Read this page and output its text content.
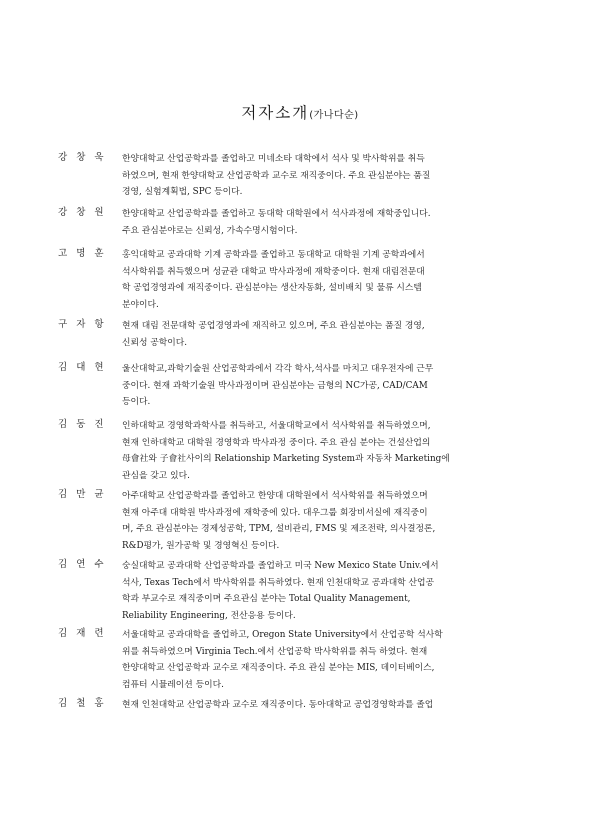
저자소개(가나다순)
강 창 욱	한양대학교 산업공학과를 졸업하고 미네소타 대학에서 석사 및 박사학위를 취득
하였으며, 현재 한양대학교 산업공학과 교수로 재직중이다. 주요 관심분야는 품질
경영, 실험계획법, SPC 등이다.
강 창 원	한양대학교 산업공학과를 졸업하고 동대학 대학원에서 석사과정에 재학중입니다.
주요 관심분야로는 신뢰성, 가속수명시험이다.
고 명 훈	홍익대학교 공과대학 기계 공학과를 졸업하고 동대학교 대학원 기계 공학과에서
석사학위를 취득했으며 성균관 대학교 박사과정에 재학중이다. 현재 대림전문대
학 공업경영과에 재직중이다. 관심분야는 생산자동화, 설비배치 및 물류 시스템
분야이다.
구 자 항	현재 대림 전문대학 공업경영과에 재직하고 있으며, 주요 관심분야는 품질 경영,
신뢰성 공학이다.
김 대 현	울산대학교,과학기술원 산업공학과에서 각각 학사,석사를 마치고 대우전자에 근무
중이다. 현재 과학기술원 박사과정이며 관심분야는 금형의 NC가공, CAD/CAM
등이다.
김 동 진	인하대학교 경영학과학사를 취득하고, 서울대학교에서 석사학위를 취득하였으며,
현재 인하대학교 대학원 경영학과 박사과정 중이다. 주요 관심 분야는 건설산업의
母會社와 子會社사이의 Relationship Marketing System과 자동차 Marketing에
관심을 갖고 있다.
김 만 균	아주대학교 산업공학과를 졸업하고 한양대 대학원에서 석사학위를 취득하였으며
현재 아주대 대학원 박사과정에 재학중에 있다. 대우그룹 회장비서실에 재직중이
며, 주요 관심분야는 경제성공학, TPM, 설비관리, FMS 및 제조전략, 의사결정론,
R&D평가, 원가공학 및 경영혁신 등이다.
김 연 수	숭실대학교 공과대학 산업공학과를 졸업하고 미국 New Mexico State Univ.에서
석사, Texas Tech에서 박사학위를 취득하였다. 현재 인천대학교 공과대학 산업공
학과 부교수로 재직중이며 주요관심 분야는 Total Quality Management,
Reliability Engineering, 전산응용 등이다.
김 재 련	서울대학교 공과대학을 졸업하고, Oregon State University에서 산업공학 석사학
위를 취득하였으며 Virginia Tech.에서 산업공학 박사학위를 취득 하였다. 현재
한양대학교 산업공학과 교수로 재직중이다. 주요 관심 분야는 MIS, 데이터베이스,
컴퓨터 시뮬레이션 등이다.
김 철 홍	현재 인천대학교 산업공학과 교수로 재직중이다. 동아대학교 공업경영학과를 졸업
